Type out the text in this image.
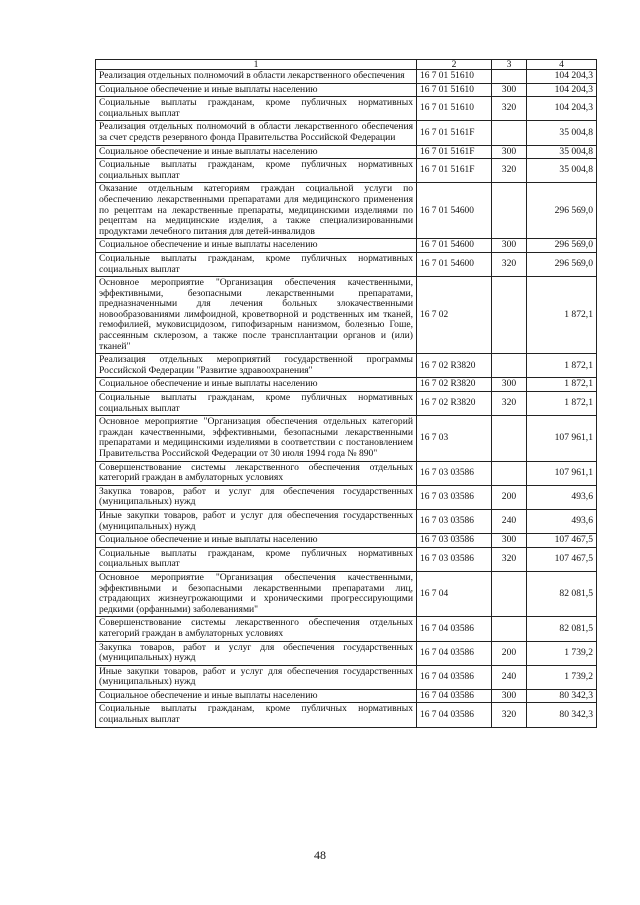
1	2	3	4
Реализация отдельных полномочий в области лекарственного обеспечения	16 7 01 51610		104 204,3
Социальное обеспечение и иные выплаты населению	16 7 01 51610	300	104 204,3
Социальные выплаты гражданам, кроме публичных нормативных социальных выплат	16 7 01 51610	320	104 204,3
Реализация отдельных полномочий в области лекарственного обеспечения за счет средств резервного фонда Правительства Российской Федерации	16 7 01 5161F		35 004,8
Социальное обеспечение и иные выплаты населению	16 7 01 5161F	300	35 004,8
Социальные выплаты гражданам, кроме публичных нормативных социальных выплат	16 7 01 5161F	320	35 004,8
Оказание отдельным категориям граждан социальной услуги по обеспечению лекарственными препаратами для медицинского применения по рецептам на лекарственные препараты, медицинскими изделиями по рецептам на медицинские изделия, а также специализированными продуктами лечебного питания для детей-инвалидов	16 7 01 54600		296 569,0
Социальное обеспечение и иные выплаты населению	16 7 01 54600	300	296 569,0
Социальные выплаты гражданам, кроме публичных нормативных социальных выплат	16 7 01 54600	320	296 569,0
Основное мероприятие "Организация обеспечения качественными, эффективными, безопасными лекарственными препаратами, предназначенными для лечения больных злокачественными новообразованиями лимфоидной, кроветворной и родственных им тканей, гемофилией, муковисцидозом, гипофизарным нанизмом, болезнью Гоше, рассеянным склерозом, а также после трансплантации органов и (или) тканей"	16 7 02		1 872,1
Реализация отдельных мероприятий государственной программы Российской Федерации "Развитие здравоохранения"	16 7 02 R3820		1 872,1
Социальное обеспечение и иные выплаты населению	16 7 02 R3820	300	1 872,1
Социальные выплаты гражданам, кроме публичных нормативных социальных выплат	16 7 02 R3820	320	1 872,1
Основное мероприятие "Организация обеспечения отдельных категорий граждан качественными, эффективными, безопасными лекарственными препаратами и медицинскими изделиями в соответствии с постановлением Правительства Российской Федерации от 30 июля 1994 года № 890"	16 7 03		107 961,1
Совершенствование системы лекарственного обеспечения отдельных категорий граждан в амбулаторных условиях	16 7 03 03586		107 961,1
Закупка товаров, работ и услуг для обеспечения государственных (муниципальных) нужд	16 7 03 03586	200	493,6
Иные закупки товаров, работ и услуг для обеспечения государственных (муниципальных) нужд	16 7 03 03586	240	493,6
Социальное обеспечение и иные выплаты населению	16 7 03 03586	300	107 467,5
Социальные выплаты гражданам, кроме публичных нормативных социальных выплат	16 7 03 03586	320	107 467,5
Основное мероприятие "Организация обеспечения качественными, эффективными и безопасными лекарственными препаратами лиц, страдающих жизнеугрожающими и хроническими прогрессирующими редкими (орфанными) заболеваниями"	16 7 04		82 081,5
Совершенствование системы лекарственного обеспечения отдельных категорий граждан в амбулаторных условиях	16 7 04 03586		82 081,5
Закупка товаров, работ и услуг для обеспечения государственных (муниципальных) нужд	16 7 04 03586	200	1 739,2
Иные закупки товаров, работ и услуг для обеспечения государственных (муниципальных) нужд	16 7 04 03586	240	1 739,2
Социальное обеспечение и иные выплаты населению	16 7 04 03586	300	80 342,3
Социальные выплаты гражданам, кроме публичных нормативных социальных выплат	16 7 04 03586	320	80 342,3
48
